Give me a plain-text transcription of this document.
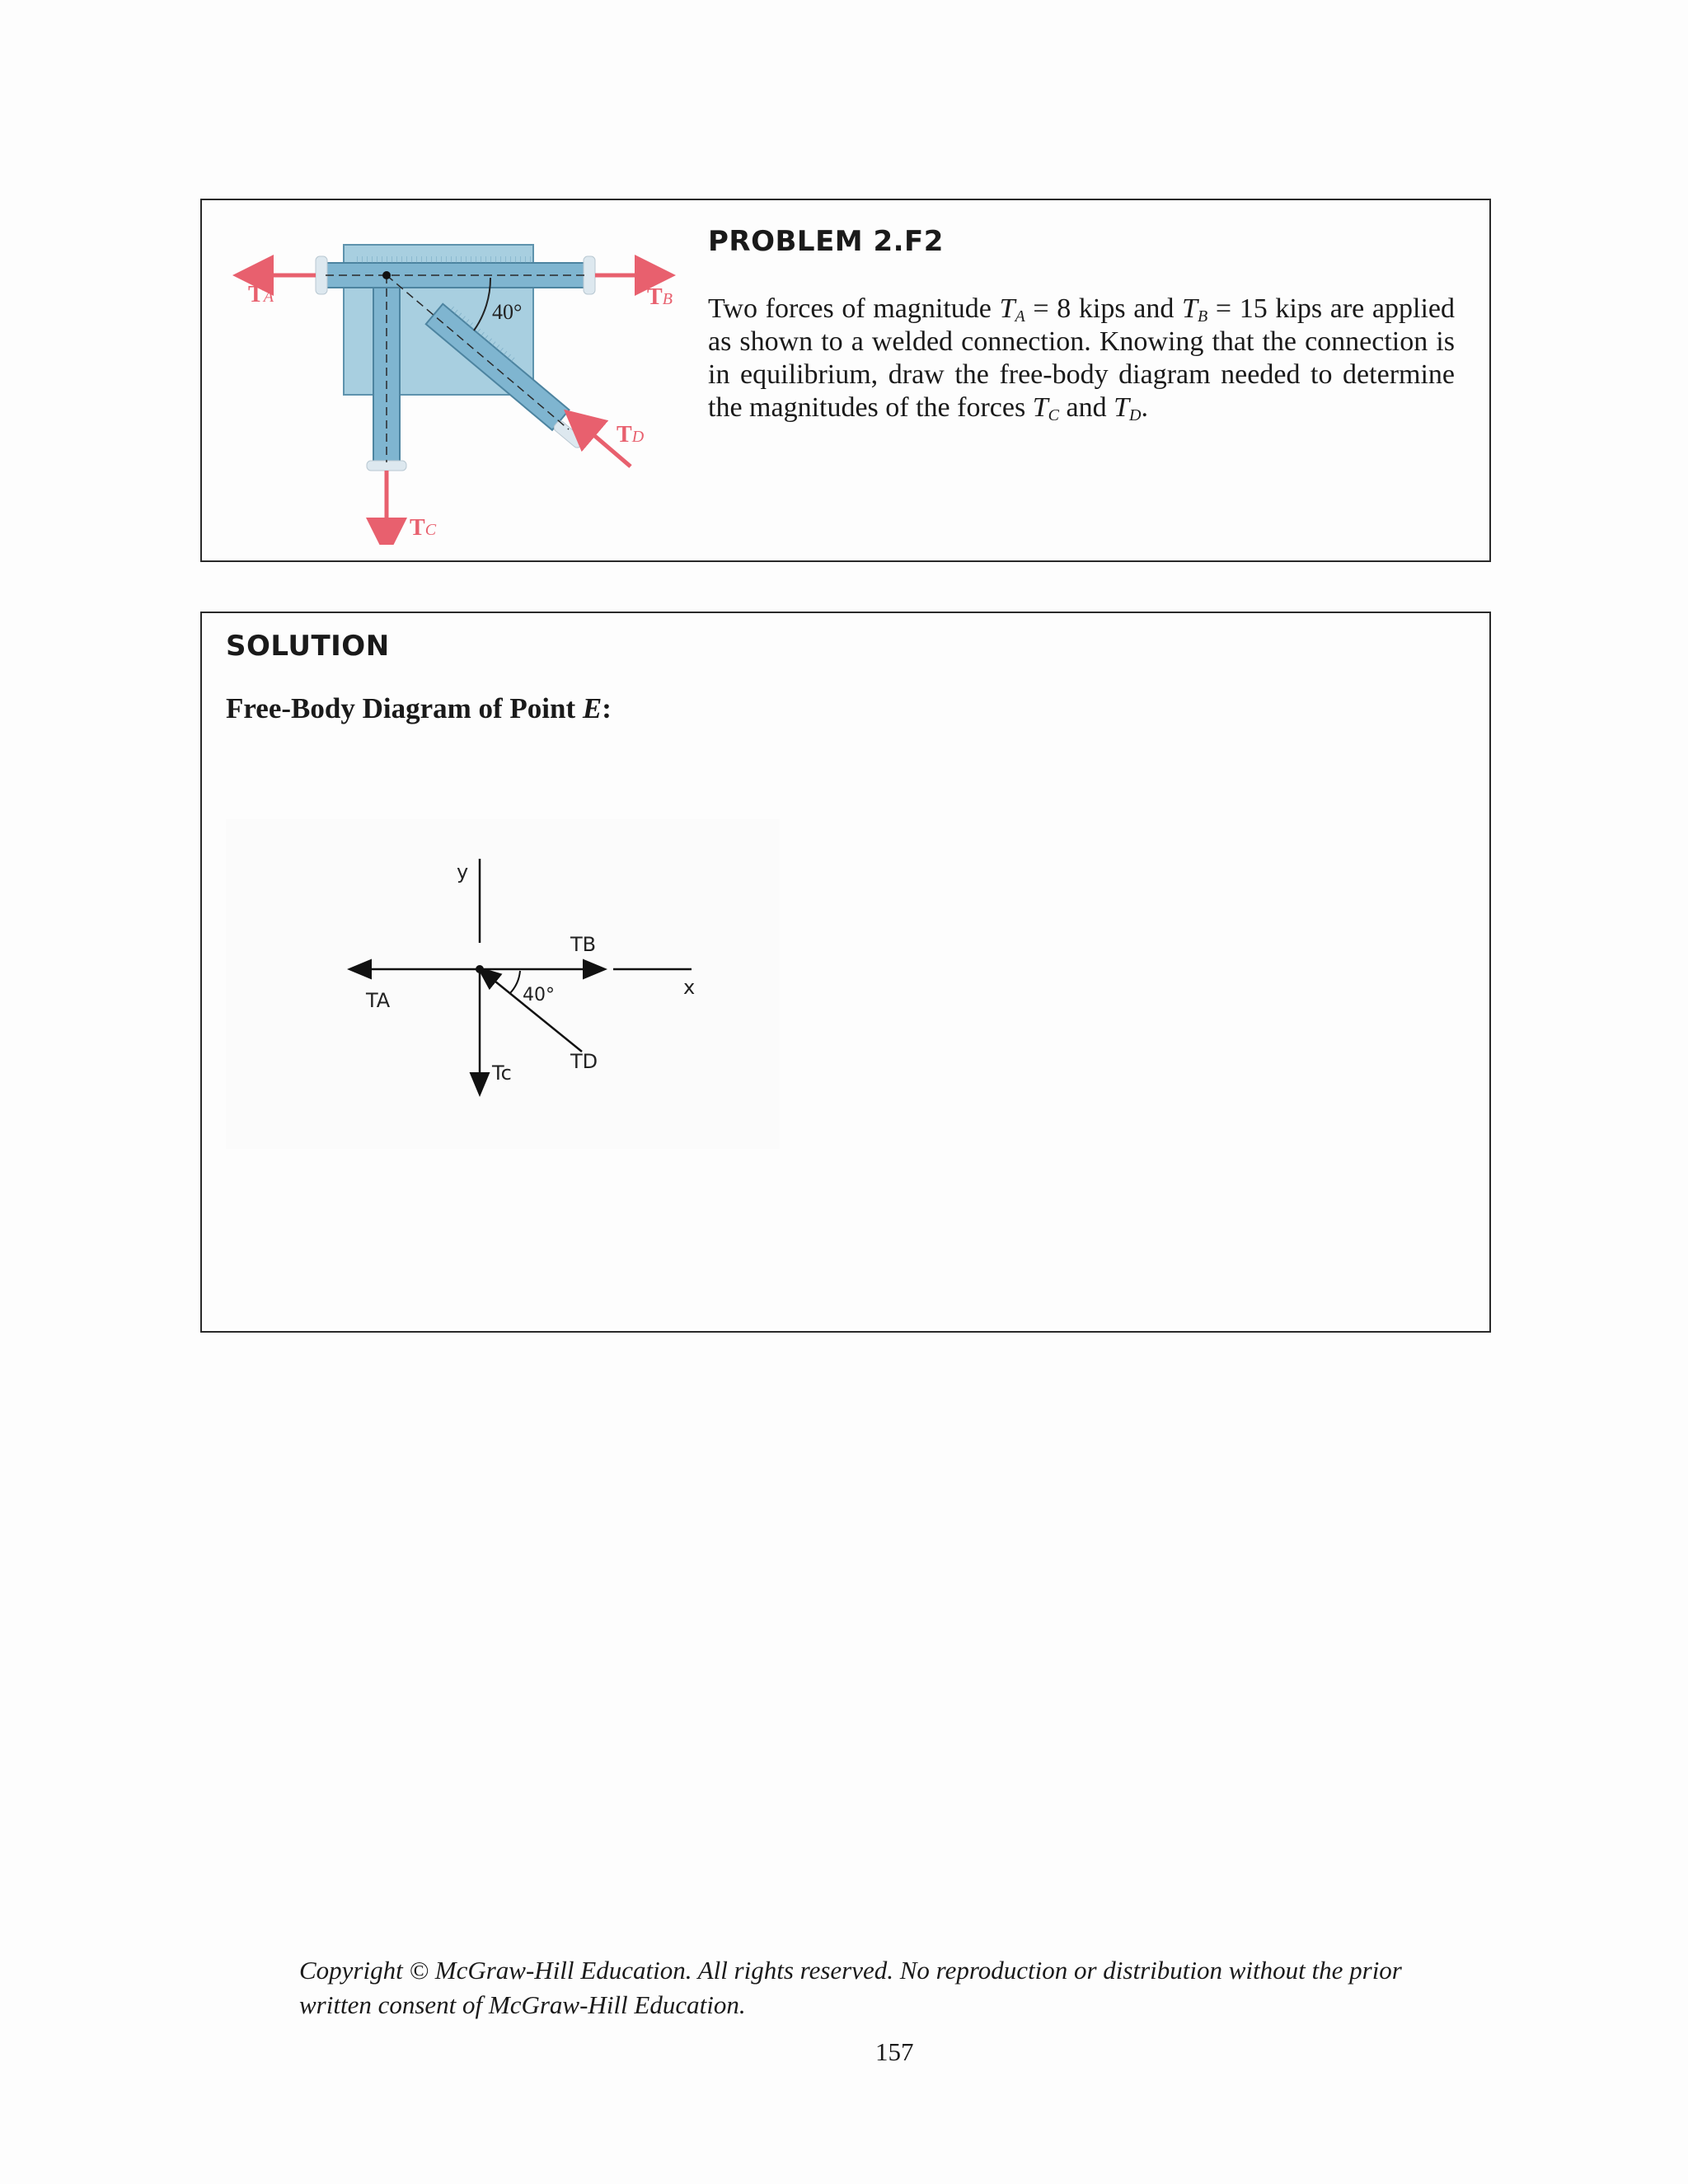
40°
TA	TB
TC
TD
PROBLEM 2.F2
Two forces of magnitude $T_A = 8$ kips and $T_B = 15$ kips are applied as shown to a welded connection. Knowing that the connection is in equilibrium, draw the free-body diagram needed to determine the magnitudes of the forces $T_C$ and $T_D$.
SOLUTION
Free-Body Diagram of Point E:
y
x
40°
TA
TB
Tc	TD
Copyright © McGraw-Hill Education. All rights reserved. No reproduction or distribution without the prior
written consent of McGraw-Hill Education.
157
